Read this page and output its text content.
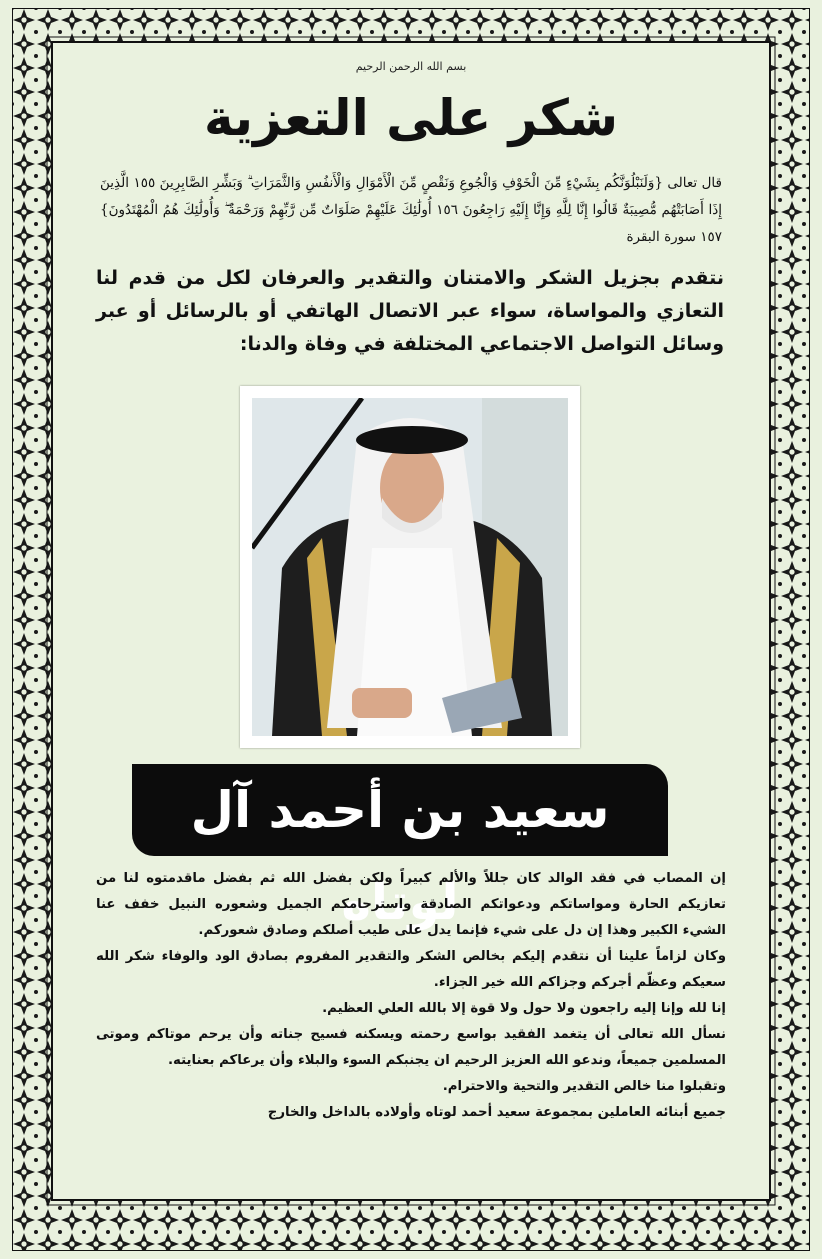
بسم الله الرحمن الرحيم
شكر على التعزية
قال تعالى {وَلَنَبْلُوَنَّكُم بِشَيْءٍ مِّنَ الْخَوْفِ وَالْجُوعِ وَنَقْصٍ مِّنَ الْأَمْوَالِ وَالْأَنفُسِ وَالثَّمَرَاتِ ۗ وَبَشِّرِ الصَّابِرِينَ ١٥٥ الَّذِينَ إِذَا أَصَابَتْهُم مُّصِيبَةٌ قَالُوا إِنَّا لِلَّهِ وَإِنَّا إِلَيْهِ رَاجِعُونَ ١٥٦ أُولَٰئِكَ عَلَيْهِمْ صَلَوَاتٌ مِّن رَّبِّهِمْ وَرَحْمَةٌ ۖ وَأُولَٰئِكَ هُمُ الْمُهْتَدُونَ} ١٥٧ سورة البقرة
نتقدم بجزيل الشكر والامتنان والتقدير والعرفان لكل من قدم لنا التعازي والمواساة، سواء عبر الاتصال الهاتفي أو بالرسائل أو عبر وسائل التواصل الاجتماعي المختلفة في وفاة والدنا:
سعيد بن أحمد آل لوتاه

إن المصاب في فقد الوالد كان جللاً والألم كبيراً ولكن بفضل الله ثم بفضل ماقدمتوه لنا من تعازيكم الحارة ومواساتكم ودعواتكم الصادقة واسترحامكم الجميل وشعوره النبيل خفف عنا الشيء الكبير وهذا إن دل على شيء فإنما يدل على طيب أصلكم وصادق شعوركم.

وكان لزاماً علينا أن نتقدم إليكم بخالص الشكر والتقدير المفروم بصادق الود والوفاء شكر الله سعيكم وعظّم أجركم وجزاكم الله خير الجزاء.

إنا لله وإنا إليه راجعون ولا حول ولا قوة إلا بالله العلي العظيم.

نسأل الله تعالى أن يتغمد الفقيد بواسع رحمته ويسكنه فسيح جناته وأن يرحم موتاكم وموتى المسلمين جميعاً، وندعو الله العزيز الرحيم ان يجنبكم السوء والبلاء وأن يرعاكم بعنايته.

وتقبلوا منا خالص التقدير والتحية والاحترام.

جميع أبنائه العاملين بمجموعة سعيد أحمد لوتاه وأولاده بالداخل والخارج
